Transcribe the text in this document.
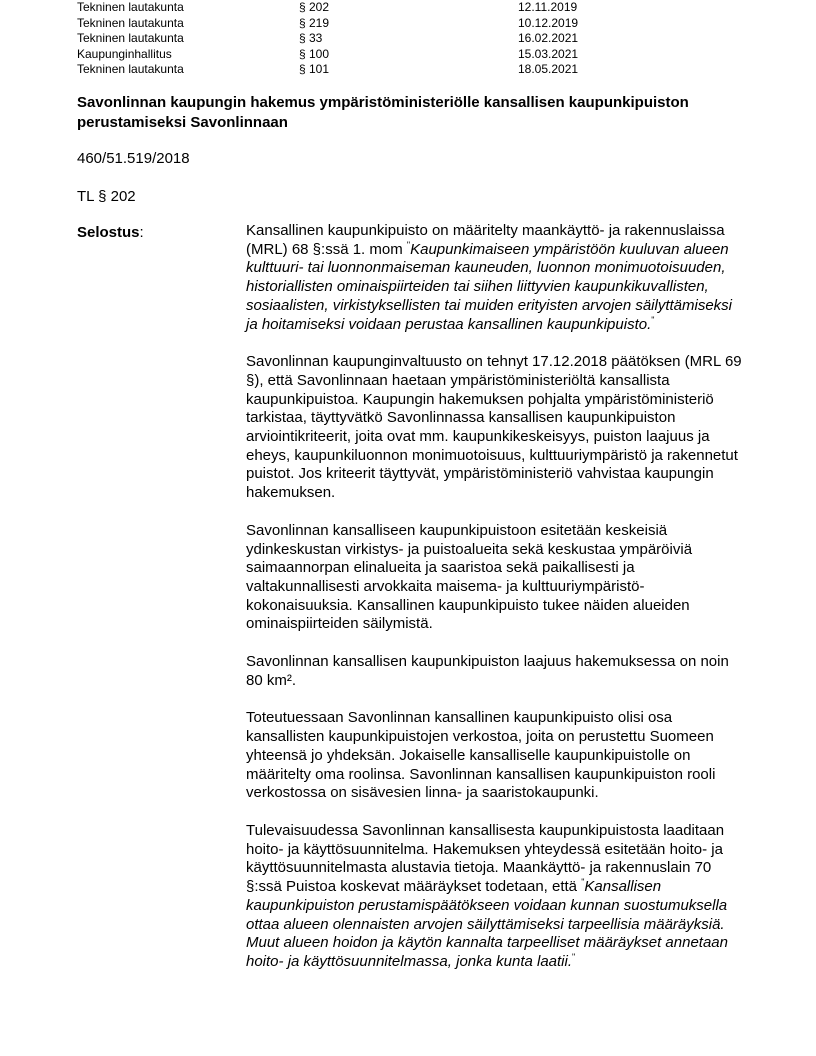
Tekninen lautakunta	§ 202	12.11.2019
Tekninen lautakunta	§ 219	10.12.2019
Tekninen lautakunta	§ 33	16.02.2021
Kaupunginhallitus	§ 100	15.03.2021
Tekninen lautakunta	§ 101	18.05.2021
Savonlinnan kaupungin hakemus ympäristöministeriölle kansallisen kaupunkipuiston perustamiseksi Savonlinnaan
460/51.519/2018
TL § 202
Selostus:	Kansallinen kaupunkipuisto on määritelty maankäyttö- ja rakennuslaissa (MRL) 68 §:ssä 1. mom "Kaupunkimaiseen ympäristöön kuuluvan alueen kulttuuri- tai luonnonmaiseman kauneuden, luonnon monimuotoisuuden, historiallisten ominaispiirteiden tai siihen liittyvien kaupunkikuvallisten, sosiaalisten, virkistyksellisten tai muiden erityisten arvojen säilyttämiseksi ja hoitamiseksi voidaan perustaa kansallinen kaupunkipuisto."

Savonlinnan kaupunginvaltuusto on tehnyt 17.12.2018 päätöksen (MRL 69 §), että Savonlinnaan haetaan ympäristöministeriöltä kansallista kaupunkipuistoa. Kaupungin hakemuksen pohjalta ympäristöministeriö tarkistaa, täyttyvätkö Savonlinnassa kansallisen kaupunkipuiston arviointikriteerit, joita ovat mm. kaupunkikeskeisyys, puiston laajuus ja eheys, kaupunkiluonnon monimuotoisuus, kulttuuriympäristö ja rakennetut puistot. Jos kriteerit täyttyvät, ympäristöministeriö vahvistaa kaupungin hakemuksen.

Savonlinnan kansalliseen kaupunkipuistoon esitetään keskeisiä ydinkeskustan virkistys- ja puistoalueita sekä keskustaa ympäröiviä saimaannorpan elinalueita ja saaristoa sekä paikallisesti ja valtakunnallisesti arvokkaita maisema- ja kulttuuriympäristö-kokonaisuuksia. Kansallinen kaupunkipuisto tukee näiden alueiden ominaispiirteiden säilymistä.

Savonlinnan kansallisen kaupunkipuiston laajuus hakemuksessa on noin 80 km².

Toteutuessaan Savonlinnan kansallinen kaupunkipuisto olisi osa kansallisten kaupunkipuistojen verkostoa, joita on perustettu Suomeen yhteensä jo yhdeksän. Jokaiselle kansalliselle kaupunkipuistolle on määritelty oma roolinsa. Savonlinnan kansallisen kaupunkipuiston rooli verkostossa on sisävesien linna- ja saaristokaupunki.

Tulevaisuudessa Savonlinnan kansallisesta kaupunkipuistosta laaditaan hoito- ja käyttösuunnitelma. Hakemuksen yhteydessä esitetään hoito- ja käyttösuunnitelmasta alustavia tietoja. Maankäyttö- ja rakennuslain 70 §:ssä Puistoa koskevat määräykset todetaan, että "Kansallisen kaupunkipuiston perustamispäätökseen voidaan kunnan suostumuksella ottaa alueen olennaisten arvojen säilyttämiseksi tarpeellisia määräyksiä. Muut alueen hoidon ja käytön kannalta tarpeelliset määräykset annetaan hoito- ja käyttösuunnitelmassa, jonka kunta laatii."
